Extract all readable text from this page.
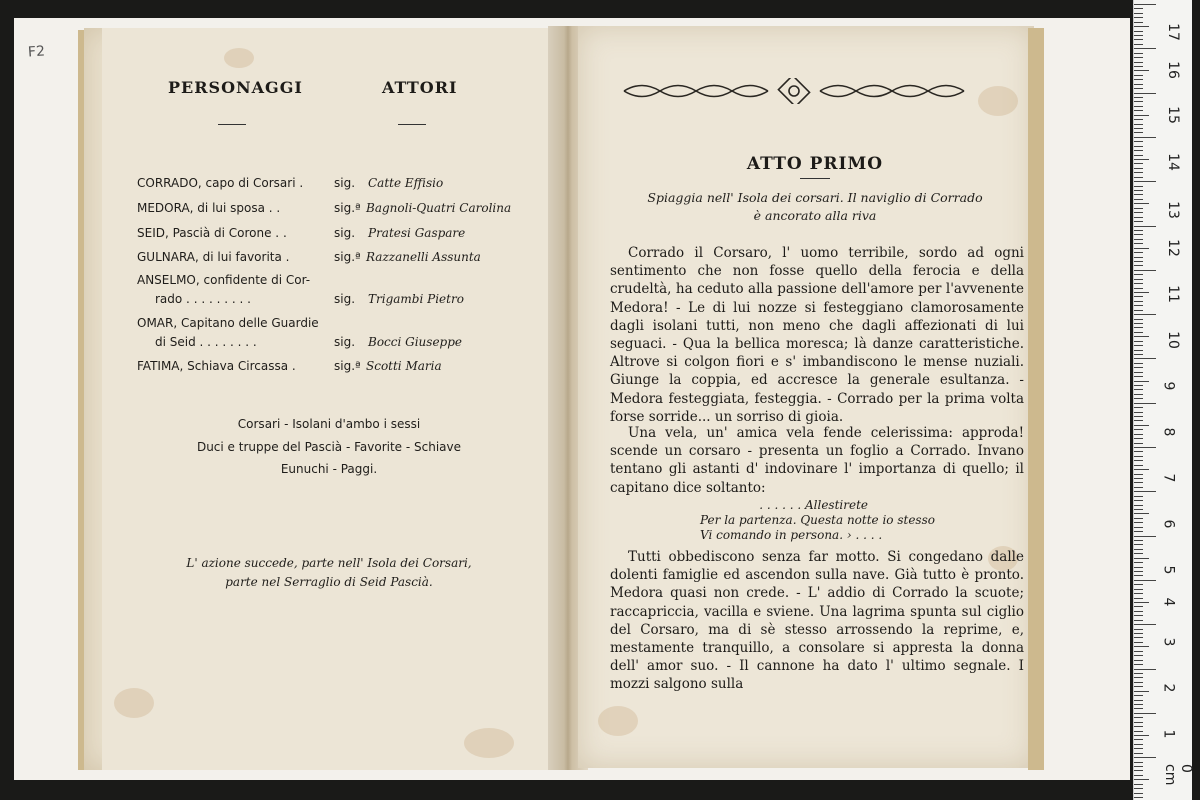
F2
PERSONAGGI	ATTORI
CORRADO, capo di Corsari .	sig. Catte Effisio
MEDORA, di lui sposa . .	sig.ª Bagnoli-Quatri Carolina
SEID, Pascià di Corone . .	sig. Pratesi Gaspare
GULNARA, di lui favorita .	sig.ª Razzanelli Assunta
ANSELMO, confidente di Cor-
rado . . . . . . . . .	sig. Trigambi Pietro
OMAR, Capitano delle Guardie
di Seid . . . . . . . .	sig. Bocci Giuseppe
FATIMA, Schiava Circassa .	sig.ª Scotti Maria
Corsari - Isolani d'ambo i sessi
Duci e truppe del Pascià - Favorite - Schiave
Eunuchi - Paggi.
L' azione succede, parte nell' Isola dei Corsari,
parte nel Serraglio di Seid Pascià.
ATTO PRIMO
Spiaggia nell' Isola dei corsari. Il naviglio di Corrado
è ancorato alla riva

Corrado il Corsaro, l' uomo terribile, sordo ad ogni sentimento che non fosse quello della ferocia e della crudeltà, ha ceduto alla passione dell'amore per l'avvenente Medora! - Le di lui nozze si festeggiano clamorosamente dagli isolani tutti, non meno che dagli affezionati di lui seguaci. - Qua la bellica moresca; là danze caratteristiche. Altrove si colgon fiori e s' imbandiscono le mense nuziali. Giunge la coppia, ed accresce la generale esultanza. - Medora festeggiata, festeggia. - Corrado per la prima volta forse sorride... un sorriso di gioia.

Una vela, un' amica vela fende celerissima: approda! scende un corsaro - presenta un foglio a Corrado. Invano tentano gli astanti d' indovinare l' importanza di quello; il capitano dice soltanto:

. . . . . . Allestirete
Per la partenza. Questa notte io stesso
Vi comando in persona. › . . . .

Tutti obbediscono senza far motto. Si congedano dalle dolenti famiglie ed ascendon sulla nave. Già tutto è pronto. Medora quasi non crede. - L' addio di Corrado la scuote; raccapriccia, vacilla e sviene. Una lagrima spunta sul ciglio del Corsaro, ma di sè stesso arrossendo la reprime, e, mestamente tranquillo, a consolare si appresta la donna dell' amor suo. - Il cannone ha dato l' ultimo segnale. I mozzi salgono sulla

17
16
15
14
13
12
11
10
9
8
7
6
5
4
3
2
1
0 cm
